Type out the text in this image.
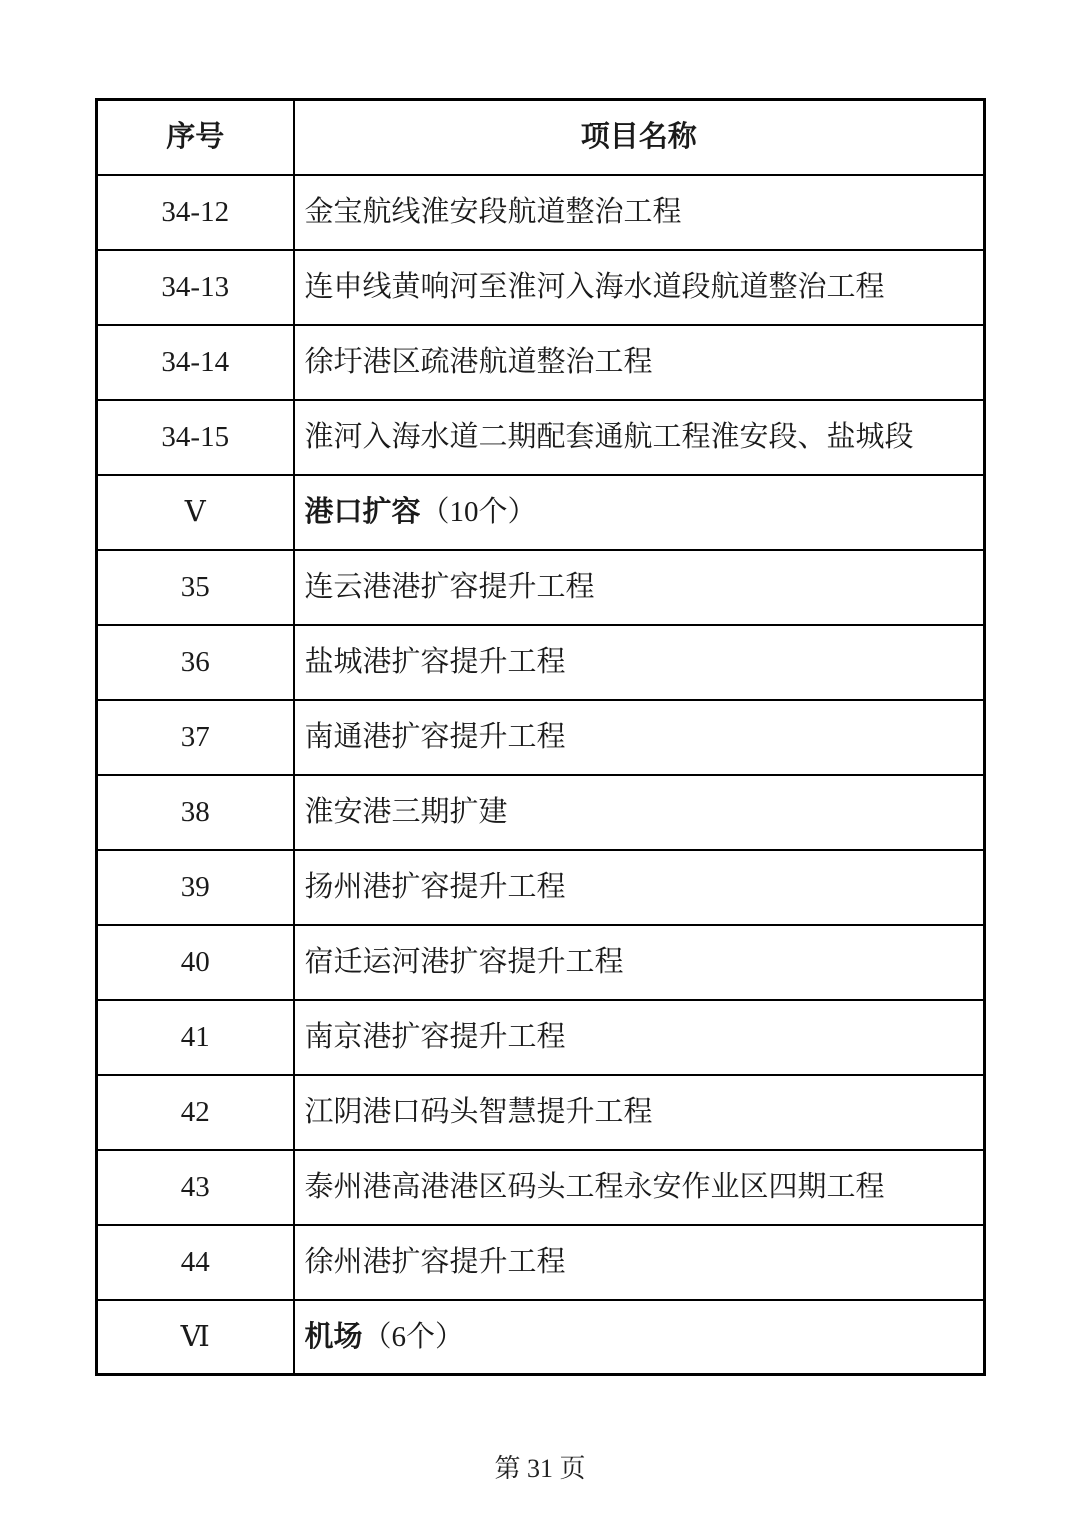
序号	项目名称
34-12	金宝航线淮安段航道整治工程
34-13	连申线黄响河至淮河入海水道段航道整治工程
34-14	徐圩港区疏港航道整治工程
34-15	淮河入海水道二期配套通航工程淮安段、盐城段
Ⅴ	港口扩容（10个）
35	连云港港扩容提升工程
36	盐城港扩容提升工程
37	南通港扩容提升工程
38	淮安港三期扩建
39	扬州港扩容提升工程
40	宿迁运河港扩容提升工程
41	南京港扩容提升工程
42	江阴港口码头智慧提升工程
43	泰州港高港港区码头工程永安作业区四期工程
44	徐州港扩容提升工程
Ⅵ	机场（6个）
第 31 页
